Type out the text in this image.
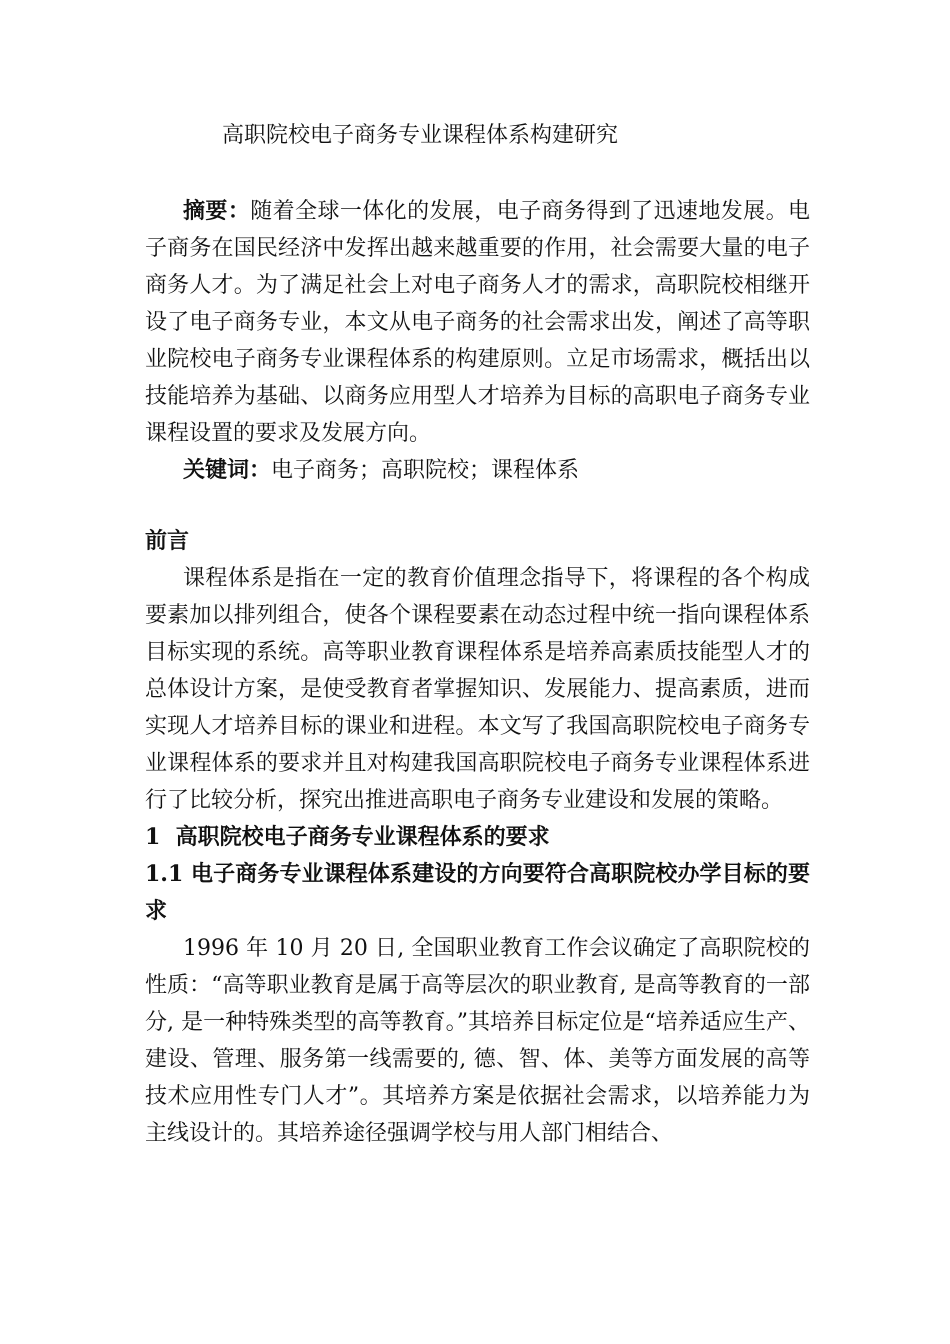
高职院校电子商务专业课程体系构建研究

摘要：随着全球一体化的发展，电子商务得到了迅速地发展。电子商务在国民经济中发挥出越来越重要的作用，社会需要大量的电子商务人才。为了满足社会上对电子商务人才的需求，高职院校相继开设了电子商务专业，本文从电子商务的社会需求出发，阐述了高等职业院校电子商务专业课程体系的构建原则。立足市场需求，概括出以技能培养为基础、以商务应用型人才培养为目标的高职电子商务专业课程设置的要求及发展方向。

关键词：电子商务；高职院校；课程体系

前言

课程体系是指在一定的教育价值理念指导下，将课程的各个构成要素加以排列组合，使各个课程要素在动态过程中统一指向课程体系目标实现的系统。高等职业教育课程体系是培养高素质技能型人才的总体设计方案，是使受教育者掌握知识、发展能力、提高素质，进而实现人才培养目标的课业和进程。本文写了我国高职院校电子商务专业课程体系的要求并且对构建我国高职院校电子商务专业课程体系进行了比较分析，探究出推进高职电子商务专业建设和发展的策略。

1  高职院校电子商务专业课程体系的要求

1.1 电子商务专业课程体系建设的方向要符合高职院校办学目标的要求

1996 年 10 月 20 日, 全国职业教育工作会议确定了高职院校的性质：“高等职业教育是属于高等层次的职业教育, 是高等教育的一部分, 是一种特殊类型的高等教育。”其培养目标定位是“培养适应生产、建设、管理、服务第一线需要的, 德、智、体、美等方面发展的高等技术应用性专门人才”。其培养方案是依据社会需求，以培养能力为主线设计的。其培养途径强调学校与用人部门相结合、
